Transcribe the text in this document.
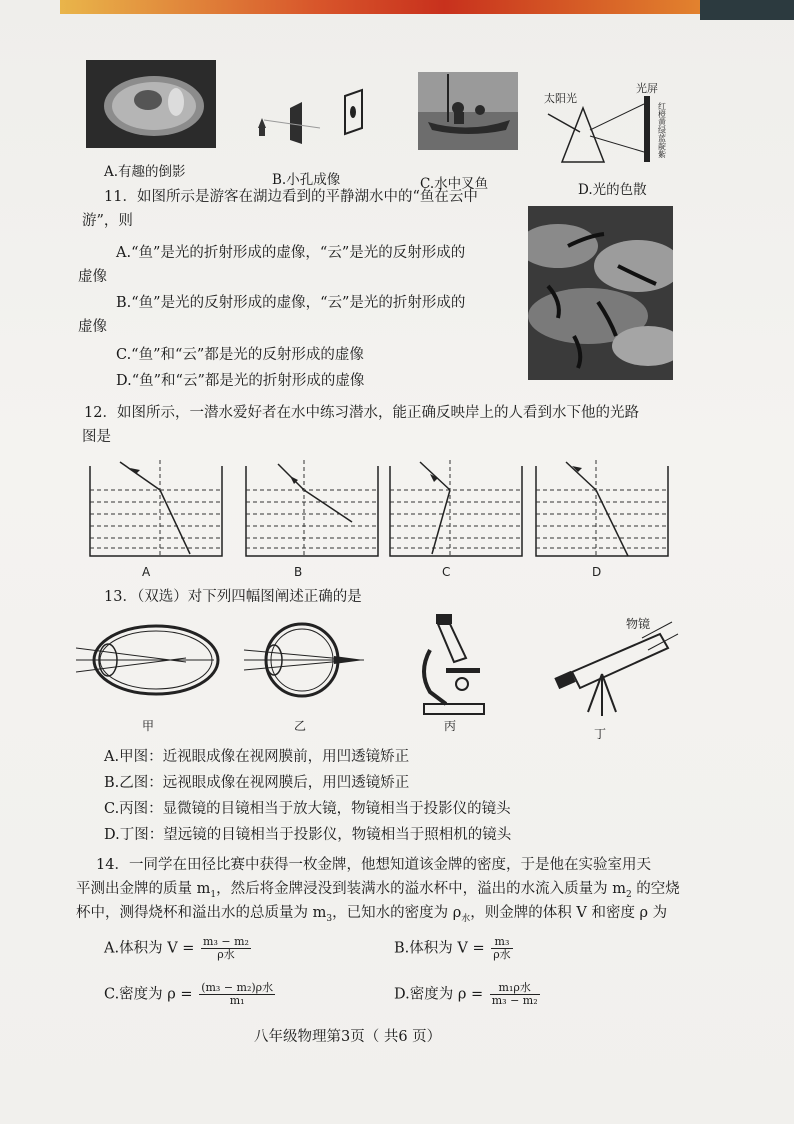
太阳光
光屏
红橙黄绿蓝靛紫
A.有趣的倒影	B.小孔成像	C.水中叉鱼	D.光的色散
11．如图所示是游客在湖边看到的平静湖水中的“鱼在云中
游”，则
A.“鱼”是光的折射形成的虚像，“云”是光的反射形成的
虚像
B.“鱼”是光的反射形成的虚像，“云”是光的折射形成的
虚像
C.“鱼”和“云”都是光的反射形成的虚像
D.“鱼”和“云”都是光的折射形成的虚像
12．如图所示，一潜水爱好者在水中练习潜水，能正确反映岸上的人看到水下他的光路
图是
A	B	C	D
13．（双选）对下列四幅图阐述正确的是
物镜
甲	乙	丙
丁
A.甲图：近视眼成像在视网膜前，用凹透镜矫正
B.乙图：远视眼成像在视网膜后，用凹透镜矫正
C.丙图：显微镜的目镜相当于放大镜，物镜相当于投影仪的镜头
D.丁图：望远镜的目镜相当于投影仪，物镜相当于照相机的镜头
14．一同学在田径比赛中获得一枚金牌，他想知道该金牌的密度，于是他在实验室用天
平测出金牌的质量 $m_1$，然后将金牌浸没到装满水的溢水杯中，溢出的水流入质量为 $m_2$ 的空烧
杯中，测得烧杯和溢出水的总质量为 $m_3$，已知水的密度为 $\rho_水$，则金牌的体积 V 和密度 ρ 为
A.体积为 $V = \frac{\text{m₃ − m₂}}{\text{ρ水}}$	B.体积为 $V = \frac{\text{m₃}}{\text{ρ水}}$
C.密度为 $\rho = \frac{\text{(m₃ − m₂)ρ水}}{\text{m₁}}$	D.密度为 $\rho = \frac{\text{m₁ρ水}}{\text{m₃ − m₂}}$
八年级物理第3页（ 共6 页）
